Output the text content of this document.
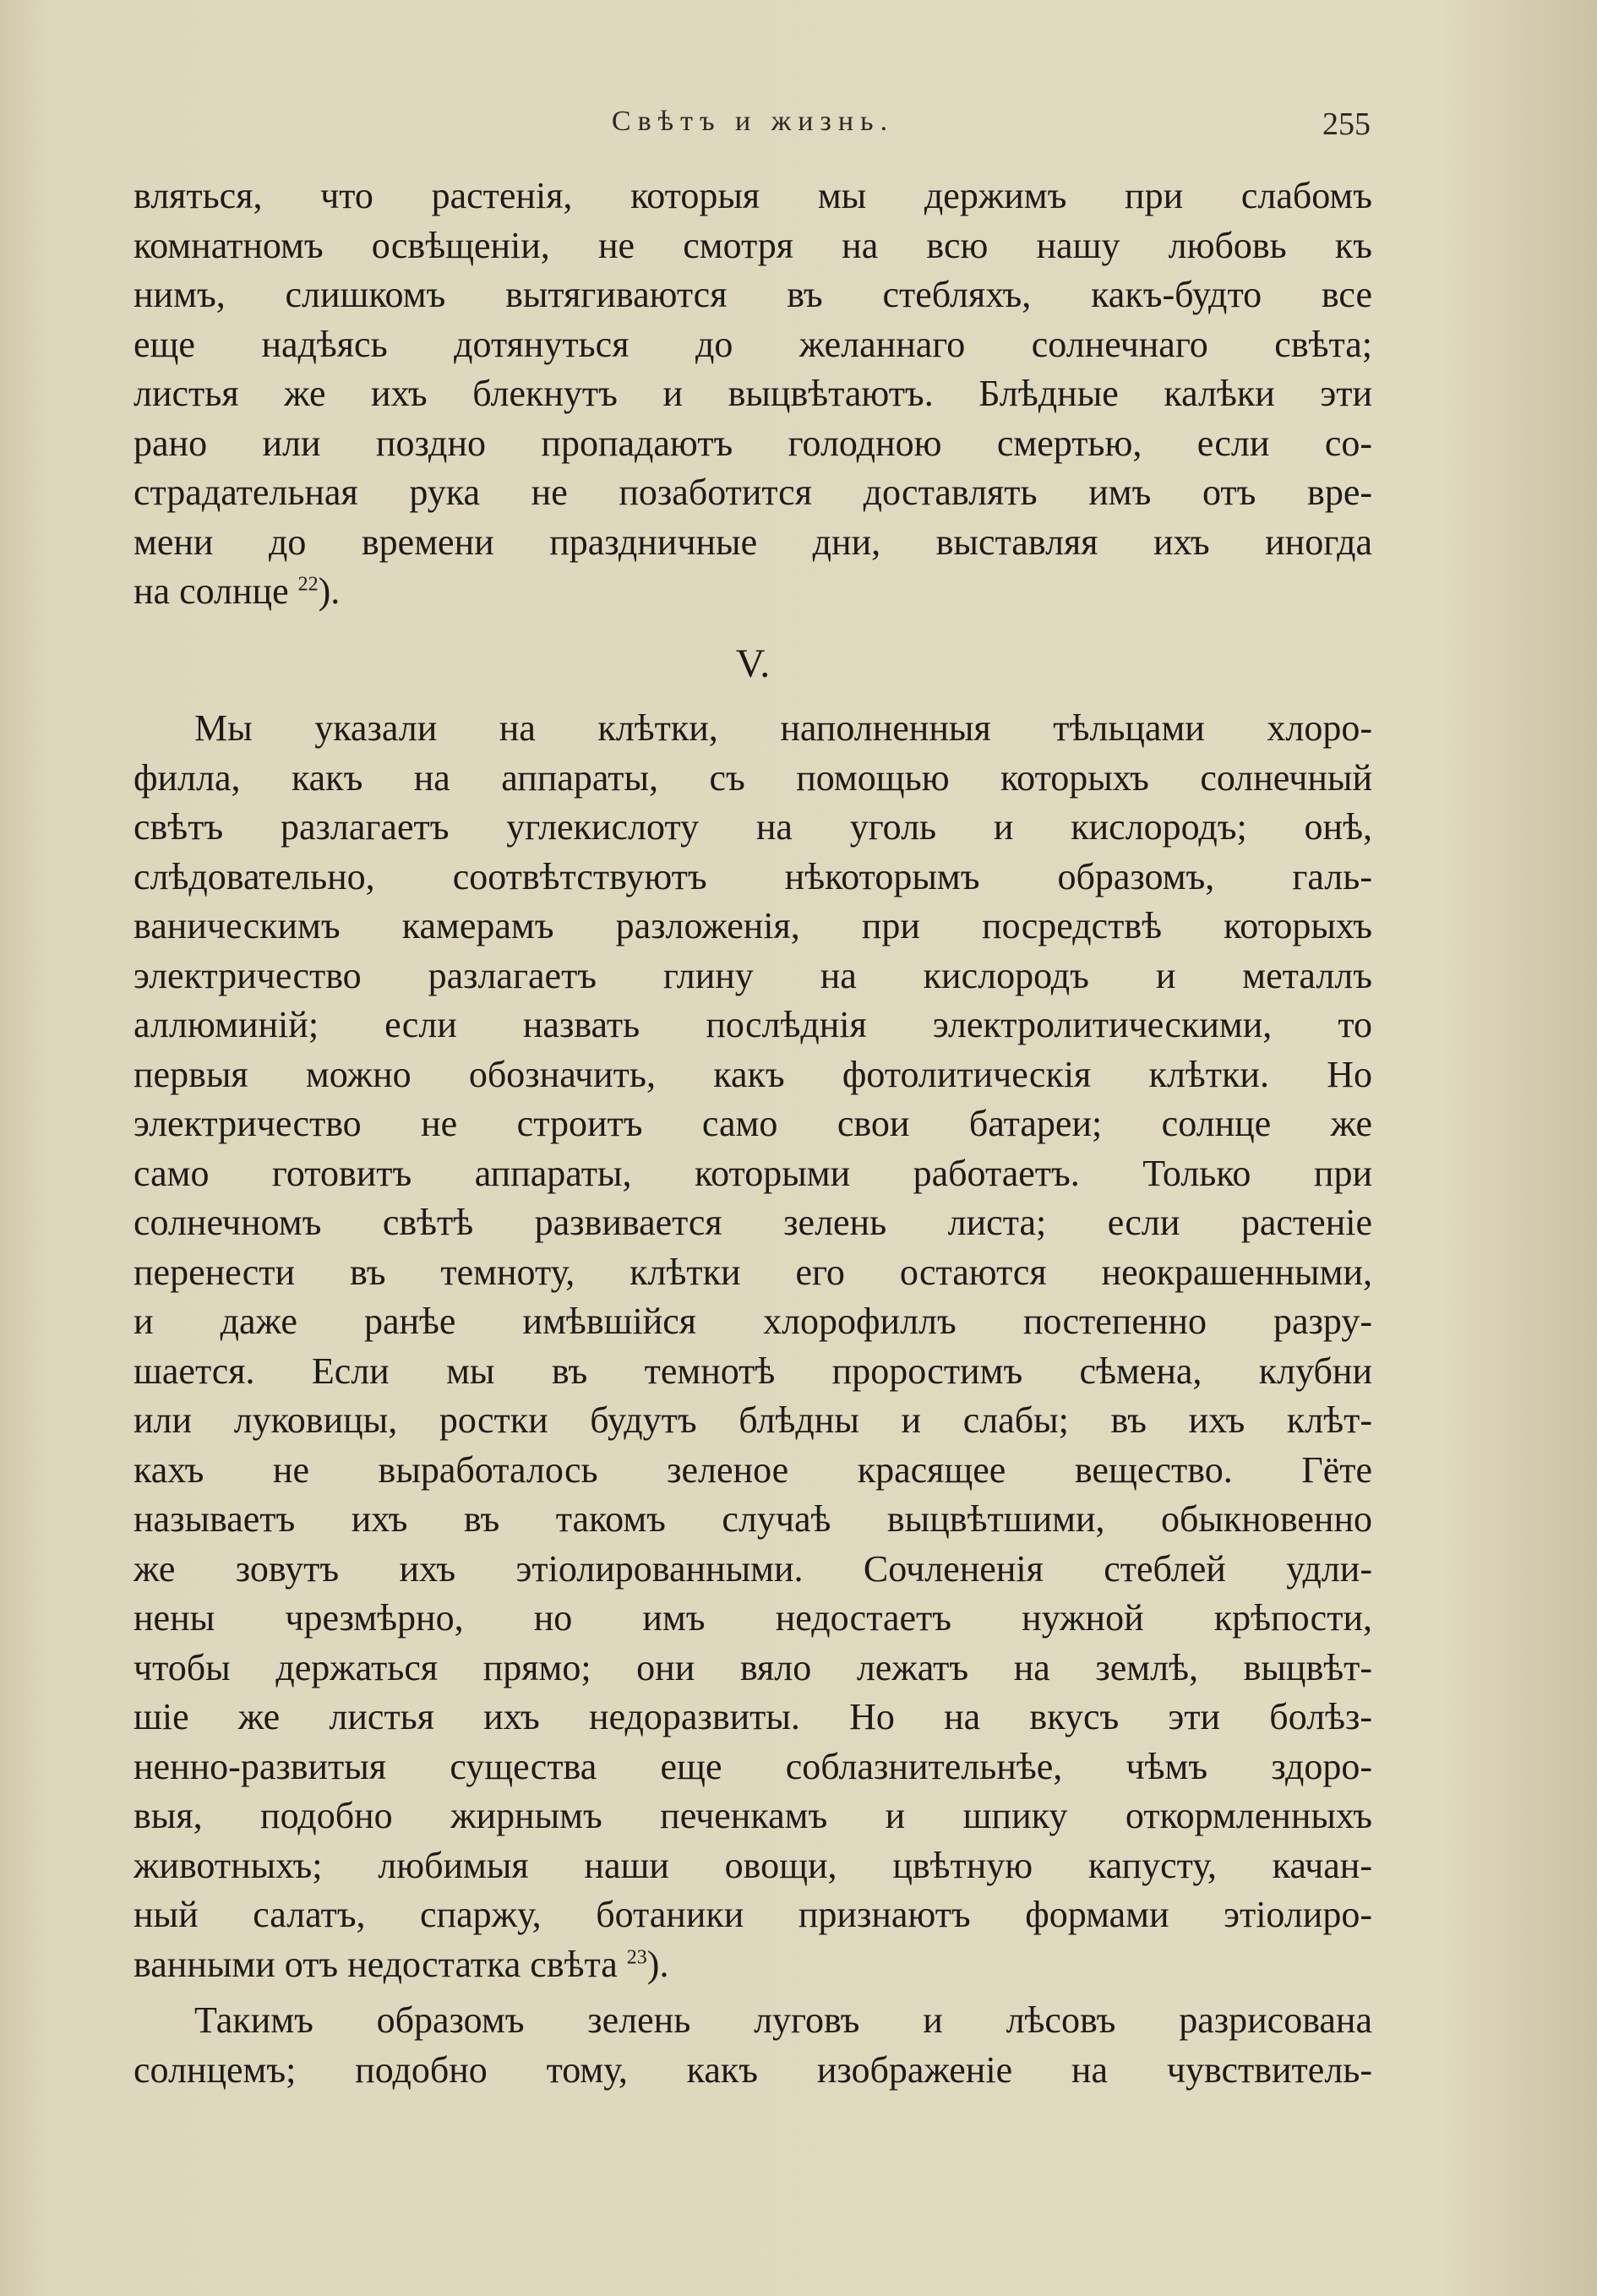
Свѣтъ и жизнь.	255
вляться, что растенія, которыя мы держимъ при слабомъ
комнатномъ освѣщеніи, не смотря на всю нашу любовь къ
нимъ, слишкомъ вытягиваются въ стебляхъ, какъ-будто все
еще надѣясь дотянуться до желаннаго солнечнаго свѣта;
листья же ихъ блекнутъ и выцвѣтаютъ. Блѣдные калѣки эти
рано или поздно пропадаютъ голодною смертью, если со-
страдательная рука не позаботится доставлять имъ отъ вре-
мени до времени праздничные дни, выставляя ихъ иногда
на солнце $^{22}$).
V.
Мы указали на клѣтки, наполненныя тѣльцами хлоро-
филла, какъ на аппараты, съ помощью которыхъ солнечный
свѣтъ разлагаетъ углекислоту на уголь и кислородъ; онѣ,
слѣдовательно, соотвѣтствуютъ нѣкоторымъ образомъ, галь-
ваническимъ камерамъ разложенія, при посредствѣ которыхъ
электричество разлагаетъ глину на кислородъ и металлъ
аллюминій; если назвать послѣднія электролитическими, то
первыя можно обозначить, какъ фотолитическія клѣтки. Но
электричество не строитъ само свои батареи; солнце же
само готовитъ аппараты, которыми работаетъ. Только при
солнечномъ свѣтѣ развивается зелень листа; если растеніе
перенести въ темноту, клѣтки его остаются неокрашенными,
и даже ранѣе имѣвшійся хлорофиллъ постепенно разру-
шается. Если мы въ темнотѣ проростимъ сѣмена, клубни
или луковицы, ростки будутъ блѣдны и слабы; въ ихъ клѣт-
кахъ не выработалось зеленое красящее вещество. Гёте
называетъ ихъ въ такомъ случаѣ выцвѣтшими, обыкновенно
же зовутъ ихъ этіолированными. Сочлененія стеблей удли-
нены чрезмѣрно, но имъ недостаетъ нужной крѣпости,
чтобы держаться прямо; они вяло лежатъ на землѣ, выцвѣт-
шіе же листья ихъ недоразвиты. Но на вкусъ эти болѣз-
ненно-развитыя существа еще соблазнительнѣе, чѣмъ здоро-
выя, подобно жирнымъ печенкамъ и шпику откормленныхъ
животныхъ; любимыя наши овощи, цвѣтную капусту, качан-
ный салатъ, спаржу, ботаники признаютъ формами этіолиро-
ванными отъ недостатка свѣта $^{23}$).
Такимъ образомъ зелень луговъ и лѣсовъ разрисована
солнцемъ; подобно тому, какъ изображеніе на чувствитель-
